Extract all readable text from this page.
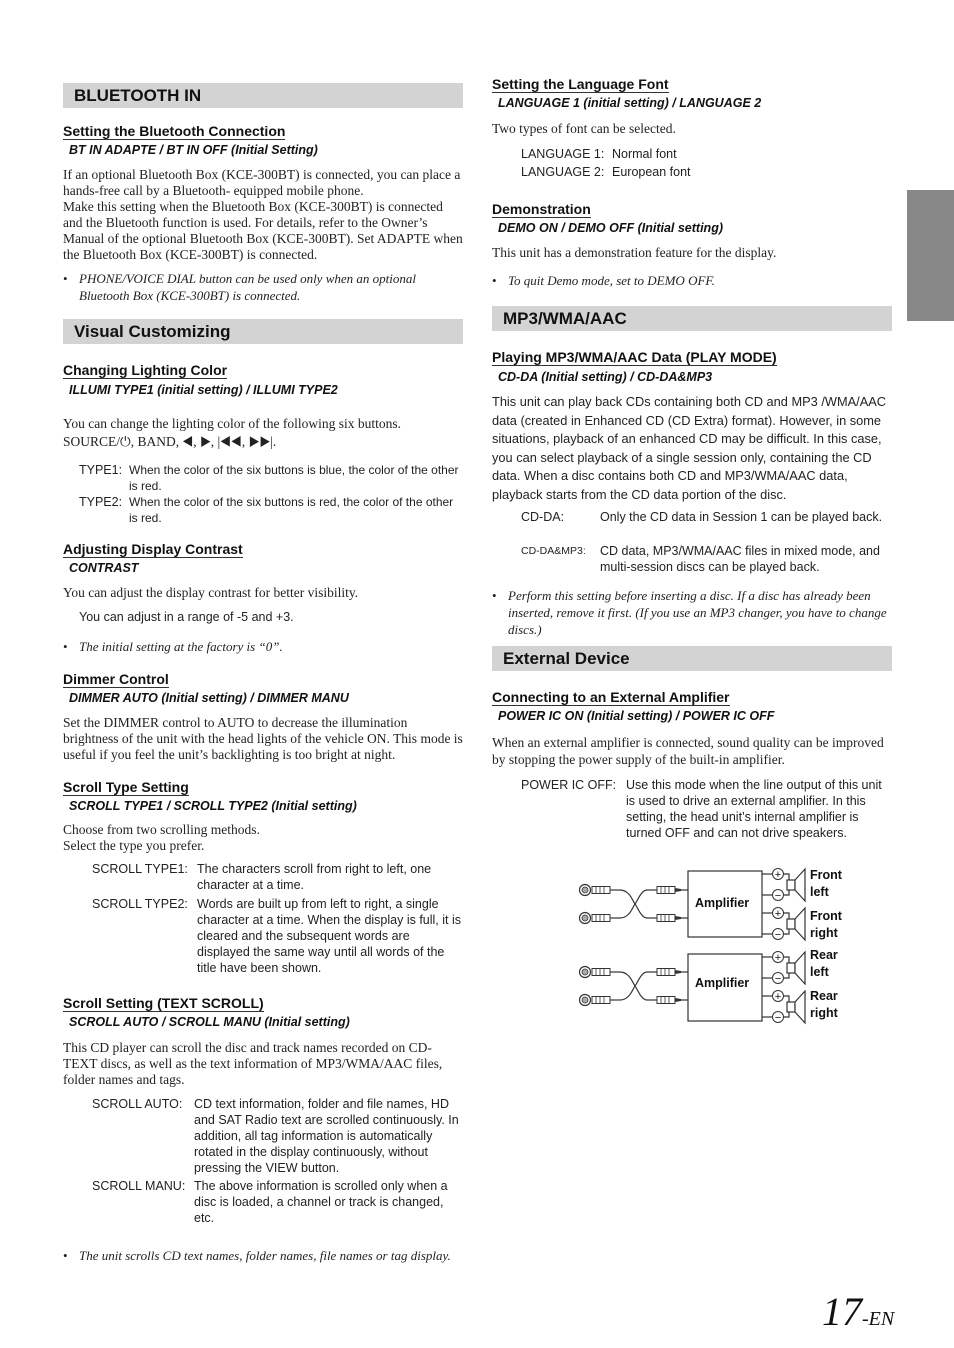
BLUETOOTH IN
Setting the Bluetooth Connection
BT IN ADAPTE / BT IN OFF (Initial Setting)
If an optional Bluetooth Box (KCE-300BT) is connected, you can place a hands-free call by a Bluetooth- equipped mobile phone.
Make this setting when the Bluetooth Box (KCE-300BT) is connected and the Bluetooth function is used. For details, refer to the Owner’s Manual of the optional Bluetooth Box (KCE-300BT). Set ADAPTE when the Bluetooth Box (KCE-300BT) is connected.
• PHONE/VOICE DIAL button can be used only when an optional Bluetooth Box (KCE-300BT) is connected.
Visual Customizing
Changing Lighting Color
ILLUMI TYPE1 (initial setting) / ILLUMI TYPE2
You can change the lighting color of the following six buttons.
SOURCE/⏻, BAND, ◀, ▶, |◀◀, ▶▶|.
TYPE1: When the color of the six buttons is blue, the color of the other is red.
TYPE2: When the color of the six buttons is red, the color of the other is red.
Adjusting Display Contrast
CONTRAST
You can adjust the display contrast for better visibility.
You can adjust in a range of -5 and +3.
• The initial setting at the factory is “0”.
Dimmer Control
DIMMER AUTO (Initial setting) / DIMMER MANU
Set the DIMMER control to AUTO to decrease the illumination brightness of the unit with the head lights of the vehicle ON. This mode is useful if you feel the unit’s backlighting is too bright at night.
Scroll Type Setting
SCROLL TYPE1 / SCROLL TYPE2 (Initial setting)
Choose from two scrolling methods.
Select the type you prefer.
SCROLL TYPE1: The characters scroll from right to left, one character at a time.
SCROLL TYPE2: Words are built up from left to right, a single character at a time. When the display is full, it is cleared and the subsequent words are displayed the same way until all words of the title have been shown.
Scroll Setting (TEXT SCROLL)
SCROLL AUTO / SCROLL MANU (Initial setting)
This CD player can scroll the disc and track names recorded on CD-TEXT discs, as well as the text information of MP3/WMA/AAC files, folder names and tags.
SCROLL AUTO: CD text information, folder and file names, HD and SAT Radio text are scrolled continuously. In addition, all tag information is automatically rotated in the display continuously, without pressing the VIEW button.
SCROLL MANU: The above information is scrolled only when a disc is loaded, a channel or track is changed, etc.
• The unit scrolls CD text names, folder names, file names or tag display.
Setting the Language Font
LANGUAGE 1 (initial setting) / LANGUAGE 2
Two types of font can be selected.
LANGUAGE 1: Normal font
LANGUAGE 2: European font
Demonstration
DEMO ON / DEMO OFF (Initial setting)
This unit has a demonstration feature for the display.
• To quit Demo mode, set to DEMO OFF.
MP3/WMA/AAC
Playing MP3/WMA/AAC Data (PLAY MODE)
CD-DA (Initial setting) / CD-DA&MP3
This unit can play back CDs containing both CD and MP3 /WMA/AAC data (created in Enhanced CD (CD Extra) format). However, in some situations, playback of an enhanced CD may be difficult. In this case, you can select playback of a single session only, containing the CD data. When a disc contains both CD and MP3/WMA/AAC data, playback starts from the CD data portion of the disc.
CD-DA:	Only the CD data in Session 1 can be played back.
CD-DA&MP3:	CD data, MP3/WMA/AAC files in mixed mode, and multi-session discs can be played back.
• Perform this setting before inserting a disc. If a disc has already been inserted, remove it first. (If you use an MP3 changer, you have to change discs.)
External Device
Connecting to an External Amplifier
POWER IC ON (Initial setting) / POWER IC OFF
When an external amplifier is connected, sound quality can be improved by stopping the power supply of the built-in amplifier.
POWER IC OFF: Use this mode when the line output of this unit is used to drive an external amplifier. In this setting, the head unit’s internal amplifier is turned OFF and can not drive speakers.
Amplifier
Amplifier
+
−
Front
left
+
−
Front
right
+
−
Rear
left
+
−
Rear
right
17-EN
